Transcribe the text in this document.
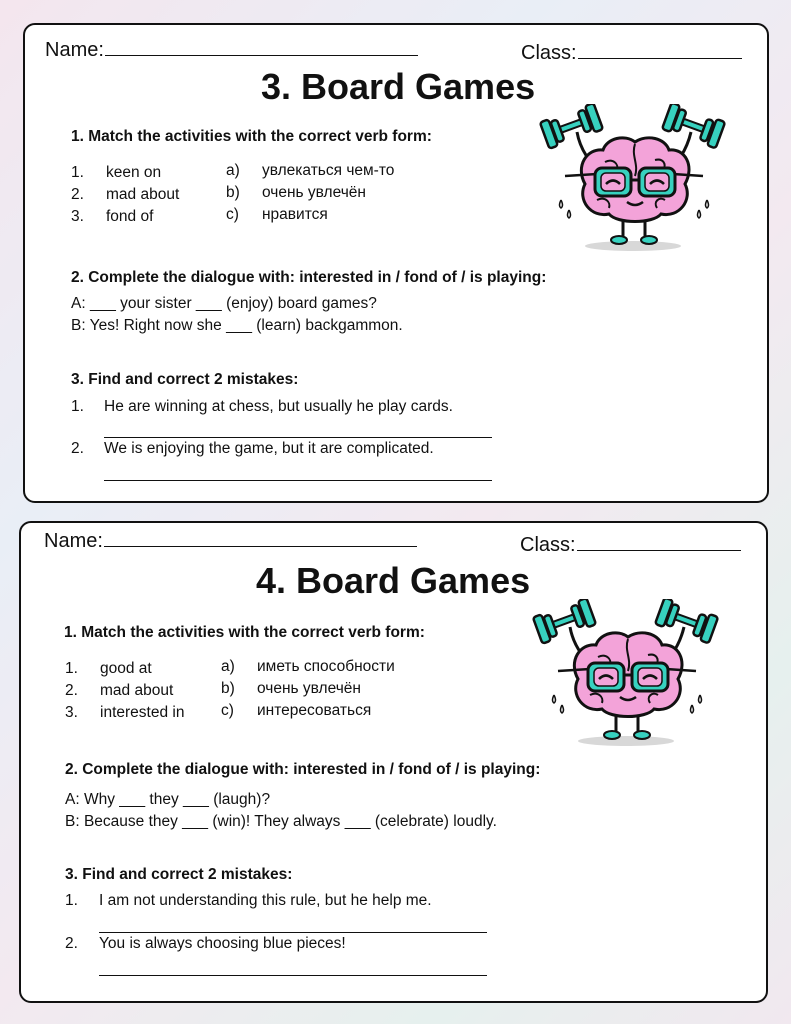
Name:	Class:
3. Board Games
1. Match the activities with the correct verb form:
1. keen on
2. mad about
3. fond of
a) увлекаться чем-то
b) очень увлечён
c) нравится
2. Complete the dialogue with: interested in / fond of / is playing:
A: ___ your sister ___ (enjoy) board games?
B: Yes! Right now she ___ (learn) backgammon.
3. Find and correct 2 mistakes:
1. He are winning at chess, but usually he play cards.
2. We is enjoying the game, but it are complicated.
Name:	Class:
4. Board Games
1. Match the activities with the correct verb form:
1. good at
2. mad about
3. interested in
a) иметь способности
b) очень увлечён
c) интересоваться
2. Complete the dialogue with: interested in / fond of / is playing:
A: Why ___ they ___ (laugh)?
B: Because they ___ (win)! They always ___ (celebrate) loudly.
3. Find and correct 2 mistakes:
1. I am not understanding this rule, but he help me.
2. You is always choosing blue pieces!
